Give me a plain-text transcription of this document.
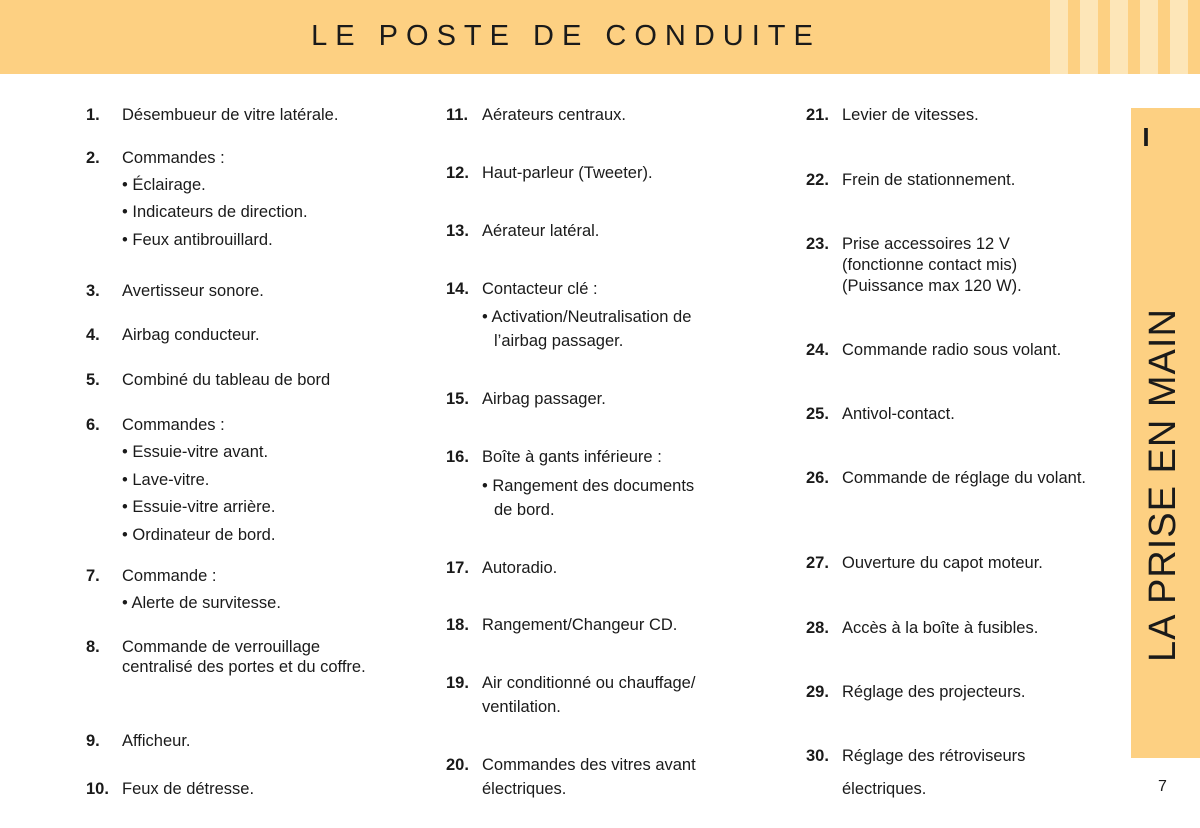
LE POSTE DE CONDUITE
I
LA PRISE EN MAIN
1. Désembueur de vitre latérale.
2. Commandes :
• Éclairage.
• Indicateurs de direction.
• Feux antibrouillard.
3. Avertisseur sonore.
4. Airbag conducteur.
5. Combiné du tableau de bord
6. Commandes :
• Essuie-vitre avant.
• Lave-vitre.
• Essuie-vitre arrière.
• Ordinateur de bord.
7. Commande :
• Alerte de survitesse.
8. Commande de verrouillage centralisé des portes et du coffre.
9. Afficheur.
10. Feux de détresse.
11. Aérateurs centraux.
12. Haut-parleur (Tweeter).
13. Aérateur latéral.
14. Contacteur clé :
• Activation/Neutralisation de
l’airbag passager.
15. Airbag passager.
16. Boîte à gants inférieure :
• Rangement des documents
de bord.
17. Autoradio.
18. Rangement/Changeur CD.
19. Air conditionné ou chauffage/ ventilation.
20. Commandes des vitres avant électriques.
21. Levier de vitesses.
22. Frein de stationnement.
23. Prise accessoires 12 V (fonctionne contact mis) (Puissance max 120 W).
24. Commande radio sous volant.
25. Antivol-contact.
26. Commande de réglage du volant.
27. Ouverture du capot moteur.
28. Accès à la boîte à fusibles.
29. Réglage des projecteurs.
30. Réglage des rétroviseurs électriques.	7
